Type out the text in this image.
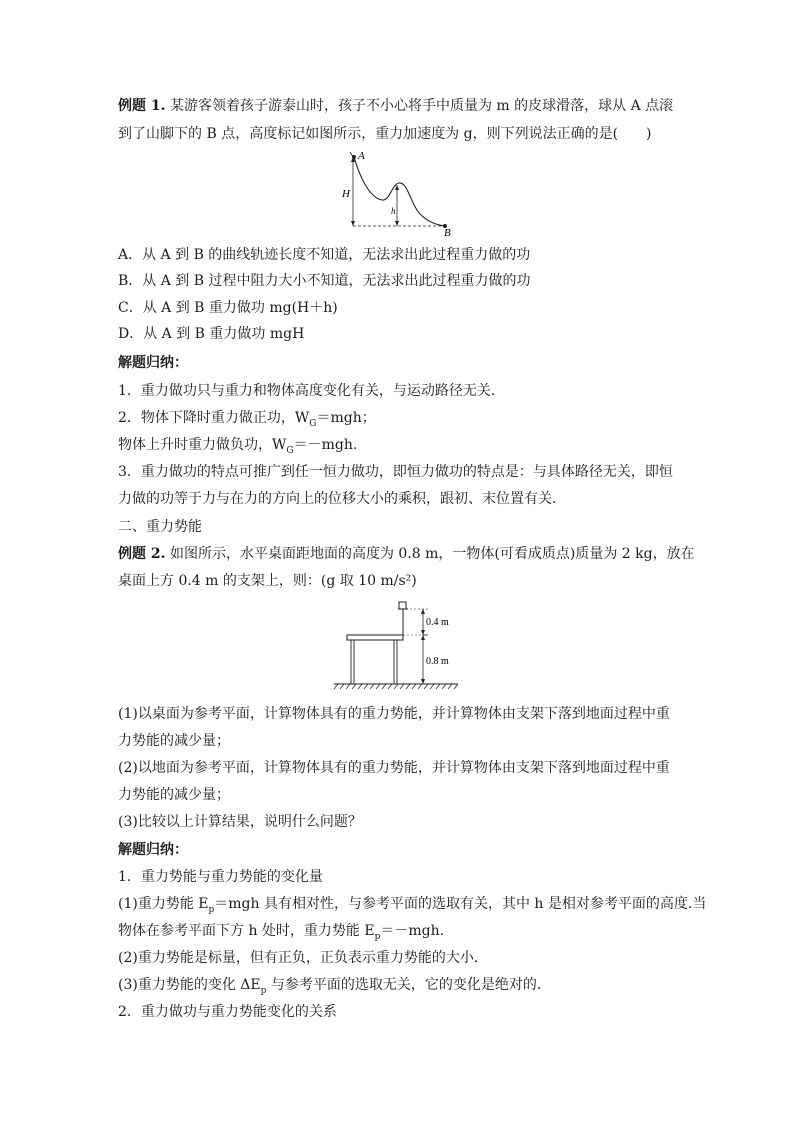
例题 1. 某游客领着孩子游泰山时，孩子不小心将手中质量为 m 的皮球滑落，球从 A 点滚
到了山脚下的 B 点，高度标记如图所示，重力加速度为 g，则下列说法正确的是(　　)
A
B
H
h
A．从 A 到 B 的曲线轨迹长度不知道，无法求出此过程重力做的功
B．从 A 到 B 过程中阻力大小不知道，无法求出此过程重力做的功
C．从 A 到 B 重力做功 mg(H＋h)
D．从 A 到 B 重力做功 mgH
解题归纳：
1．重力做功只与重力和物体高度变化有关，与运动路径无关．
2．物体下降时重力做正功，$W_G=mgh$；
物体上升时重力做负功，$W_G=-mgh$.
3．重力做功的特点可推广到任一恒力做功，即恒力做功的特点是：与具体路径无关，即恒
力做的功等于力与在力的方向上的位移大小的乘积，跟初、末位置有关．
二、重力势能
例题 2. 如图所示，水平桌面距地面的高度为 0.8 m，一物体(可看成质点)质量为 2 kg，放在
桌面上方 0.4 m 的支架上，则：(g 取 10 m/s²)
0.4 m
0.8 m
(1)以桌面为参考平面，计算物体具有的重力势能，并计算物体由支架下落到地面过程中重
力势能的减少量；
(2)以地面为参考平面，计算物体具有的重力势能，并计算物体由支架下落到地面过程中重
力势能的减少量；
(3)比较以上计算结果，说明什么问题？
解题归纳：
1．重力势能与重力势能的变化量
(1)重力势能 $E_p=mgh$ 具有相对性，与参考平面的选取有关，其中 h 是相对参考平面的高度.当
物体在参考平面下方 h 处时，重力势能 $E_p=-mgh$.
(2)重力势能是标量，但有正负，正负表示重力势能的大小．
(3)重力势能的变化 $\Delta E_p$ 与参考平面的选取无关，它的变化是绝对的．
2．重力做功与重力势能变化的关系
